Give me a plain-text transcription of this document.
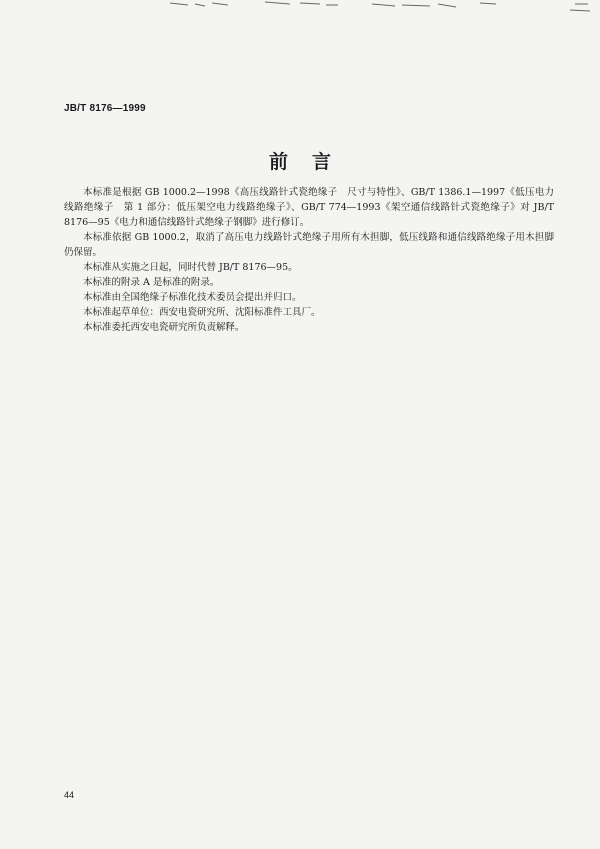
JB/T 8176—1999
前言

本标准是根据 GB 1000.2—1998《高压线路针式瓷绝缘子　尺寸与特性》、GB/T 1386.1—1997《低压电力线路绝缘子　第 1 部分：低压架空电力线路绝缘子》、GB/T 774—1993《架空通信线路针式瓷绝缘子》对 JB/T 8176—95《电力和通信线路针式绝缘子钢脚》进行修订。

本标准依据 GB 1000.2，取消了高压电力线路针式绝缘子用所有木担脚，低压线路和通信线路绝缘子用木担脚仍保留。

本标准从实施之日起，同时代替 JB/T 8176—95。

本标准的附录 A 是标准的附录。

本标准由全国绝缘子标准化技术委员会提出并归口。

本标准起草单位：西安电瓷研究所、沈阳标准件工具厂。

本标准委托西安电瓷研究所负责解释。

44
